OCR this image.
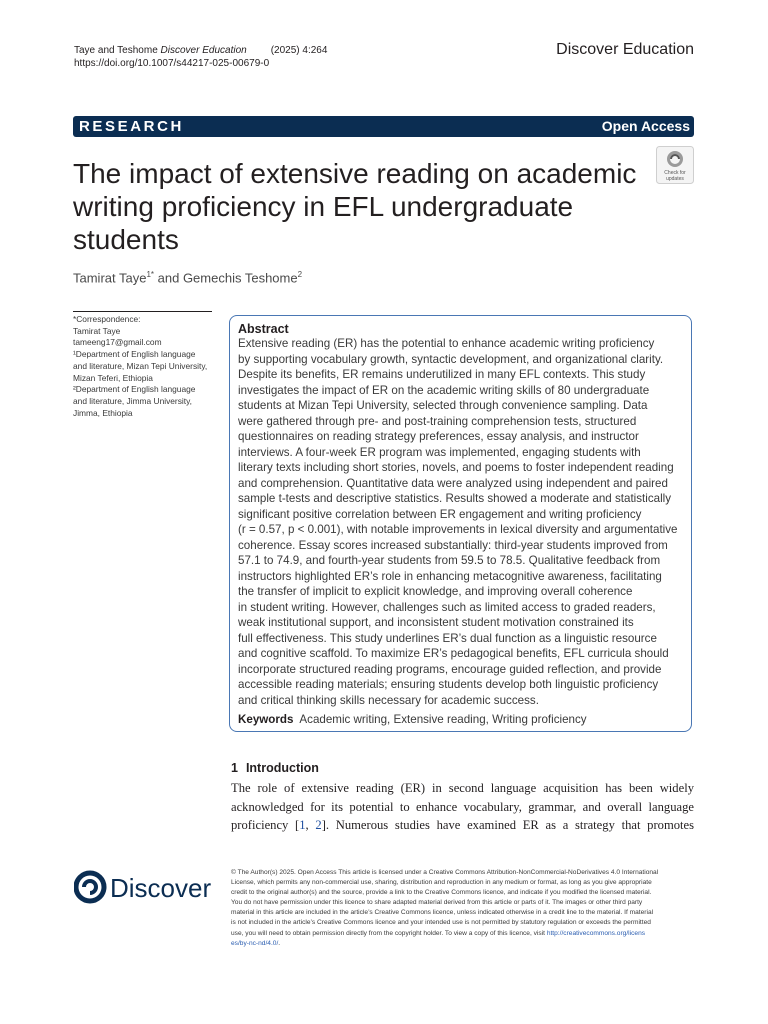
Taye and Teshome Discover Education (2025) 4:264
https://doi.org/10.1007/s44217-025-00679-0
Discover Education
RESEARCH	Open Access
The impact of extensive reading on academic writing proficiency in EFL undergraduate students
Check for
updates
Tamirat Taye$^{1*}$ and Gemechis Teshome$^2$
*Correspondence:
Tamirat Taye
tameeng17@gmail.com
¹Department of English language
and literature, Mizan Tepi University,
Mizan Teferi, Ethiopia
²Department of English language
and literature, Jimma University,
Jimma, Ethiopia
Abstract
Extensive reading (ER) has the potential to enhance academic writing proficiency
by supporting vocabulary growth, syntactic development, and organizational clarity.
Despite its benefits, ER remains underutilized in many EFL contexts. This study
investigates the impact of ER on the academic writing skills of 80 undergraduate
students at Mizan Tepi University, selected through convenience sampling. Data
were gathered through pre- and post-training comprehension tests, structured
questionnaires on reading strategy preferences, essay analysis, and instructor
interviews. A four-week ER program was implemented, engaging students with
literary texts including short stories, novels, and poems to foster independent reading
and comprehension. Quantitative data were analyzed using independent and paired
sample t-tests and descriptive statistics. Results showed a moderate and statistically
significant positive correlation between ER engagement and writing proficiency
(r = 0.57, p < 0.001), with notable improvements in lexical diversity and argumentative
coherence. Essay scores increased substantially: third-year students improved from
57.1 to 74.9, and fourth-year students from 59.5 to 78.5. Qualitative feedback from
instructors highlighted ER’s role in enhancing metacognitive awareness, facilitating
the transfer of implicit to explicit knowledge, and improving overall coherence
in student writing. However, challenges such as limited access to graded readers,
weak institutional support, and inconsistent student motivation constrained its
full effectiveness. This study underlines ER’s dual function as a linguistic resource
and cognitive scaffold. To maximize ER’s pedagogical benefits, EFL curricula should
incorporate structured reading programs, encourage guided reflection, and provide
accessible reading materials; ensuring students develop both linguistic proficiency
and critical thinking skills necessary for academic success.
Keywords Academic writing, Extensive reading, Writing proficiency
1 Introduction
The role of extensive reading (ER) in second language acquisition has been widely
acknowledged for its potential to enhance vocabulary, grammar, and overall language
proficiency [1, 2]. Numerous studies have examined ER as a strategy that promotes
Discover
© The Author(s) 2025. Open Access This article is licensed under a Creative Commons Attribution-NonCommercial-NoDerivatives 4.0 International
License, which permits any non-commercial use, sharing, distribution and reproduction in any medium or format, as long as you give appropriate
credit to the original author(s) and the source, provide a link to the Creative Commons licence, and indicate if you modified the licensed material.
You do not have permission under this licence to share adapted material derived from this article or parts of it. The images or other third party
material in this article are included in the article’s Creative Commons licence, unless indicated otherwise in a credit line to the material. If material
is not included in the article’s Creative Commons licence and your intended use is not permitted by statutory regulation or exceeds the permitted
use, you will need to obtain permission directly from the copyright holder. To view a copy of this licence, visit http://creativecommons.org/licens
es/by-nc-nd/4.0/.
